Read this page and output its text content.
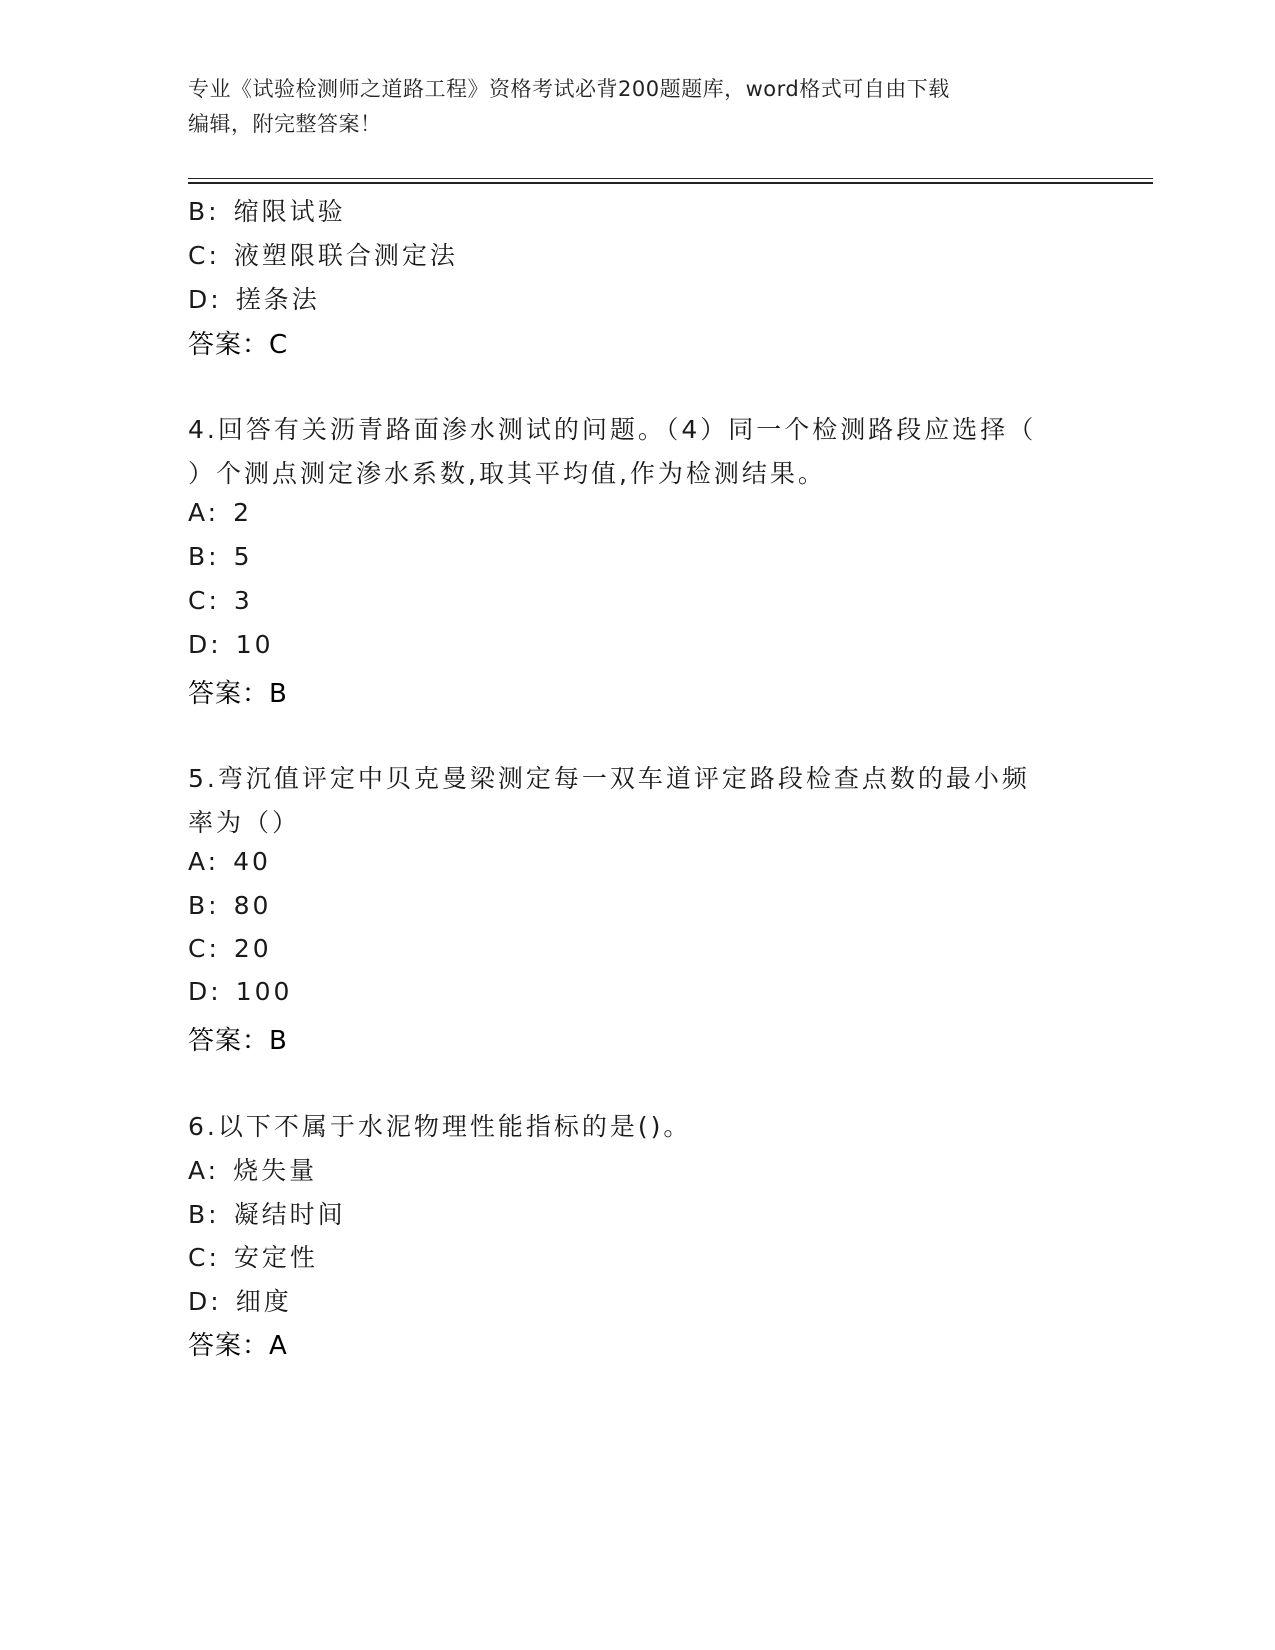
专业《试验检测师之道路工程》资格考试必背200题题库，word格式可自由下载
编辑，附完整答案！
B: 缩限试验
C: 液塑限联合测定法
D: 搓条法
答案：C
4.回答有关沥青路面渗水测试的问题。（4）同一个检测路段应选择（
）个测点测定渗水系数,取其平均值,作为检测结果。
A: 2
B: 5
C: 3
D: 10
答案：B
5.弯沉值评定中贝克曼梁测定每一双车道评定路段检查点数的最小频
率为（）
A: 40
B: 80
C: 20
D: 100
答案：B
6.以下不属于水泥物理性能指标的是()。
A: 烧失量
B: 凝结时间
C: 安定性
D: 细度
答案：A
